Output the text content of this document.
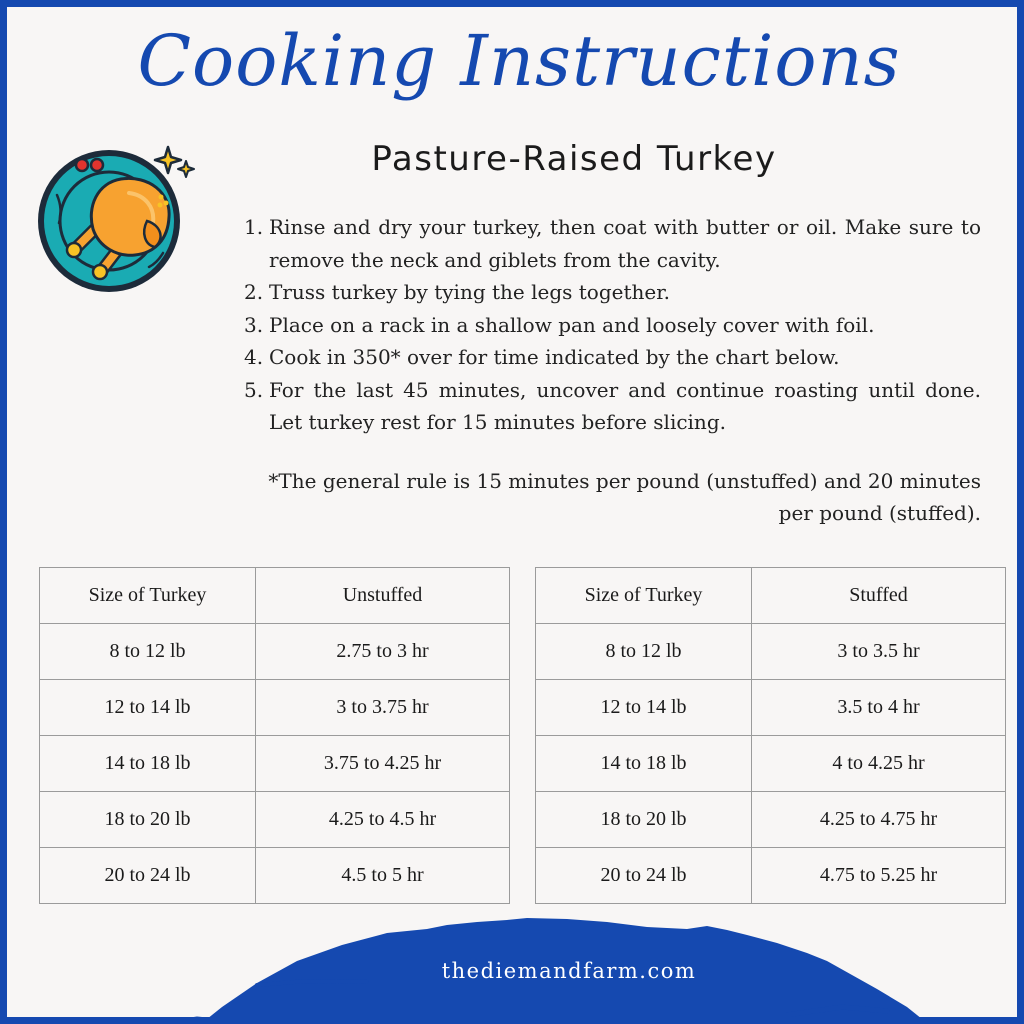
Cooking Instructions
Pasture-Raised Turkey
1. Rinse and dry your turkey, then coat with butter or oil. Make sure to remove the neck and giblets from the cavity.
2. Truss turkey by tying the legs together.
3. Place on a rack in a shallow pan and loosely cover with foil.
4. Cook in 350* over for time indicated by the chart below.
5. For the last 45 minutes, uncover and continue roasting until done. Let turkey rest for 15 minutes before slicing.

*The general rule is 15 minutes per pound (unstuffed) and 20 minutes per pound (stuffed).

Size of Turkey	Unstuffed
8 to 12 lb	2.75 to 3 hr
12 to 14 lb	3 to 3.75 hr
14 to 18 lb	3.75 to 4.25 hr
18 to 20 lb	4.25 to 4.5 hr
20 to 24 lb	4.5 to 5 hr
Size of Turkey	Stuffed
8 to 12 lb	3 to 3.5 hr
12 to 14 lb	3.5 to 4 hr
14 to 18 lb	4 to 4.25 hr
18 to 20 lb	4.25 to 4.75 hr
20 to 24 lb	4.75 to 5.25 hr

thediemandfarm.com
